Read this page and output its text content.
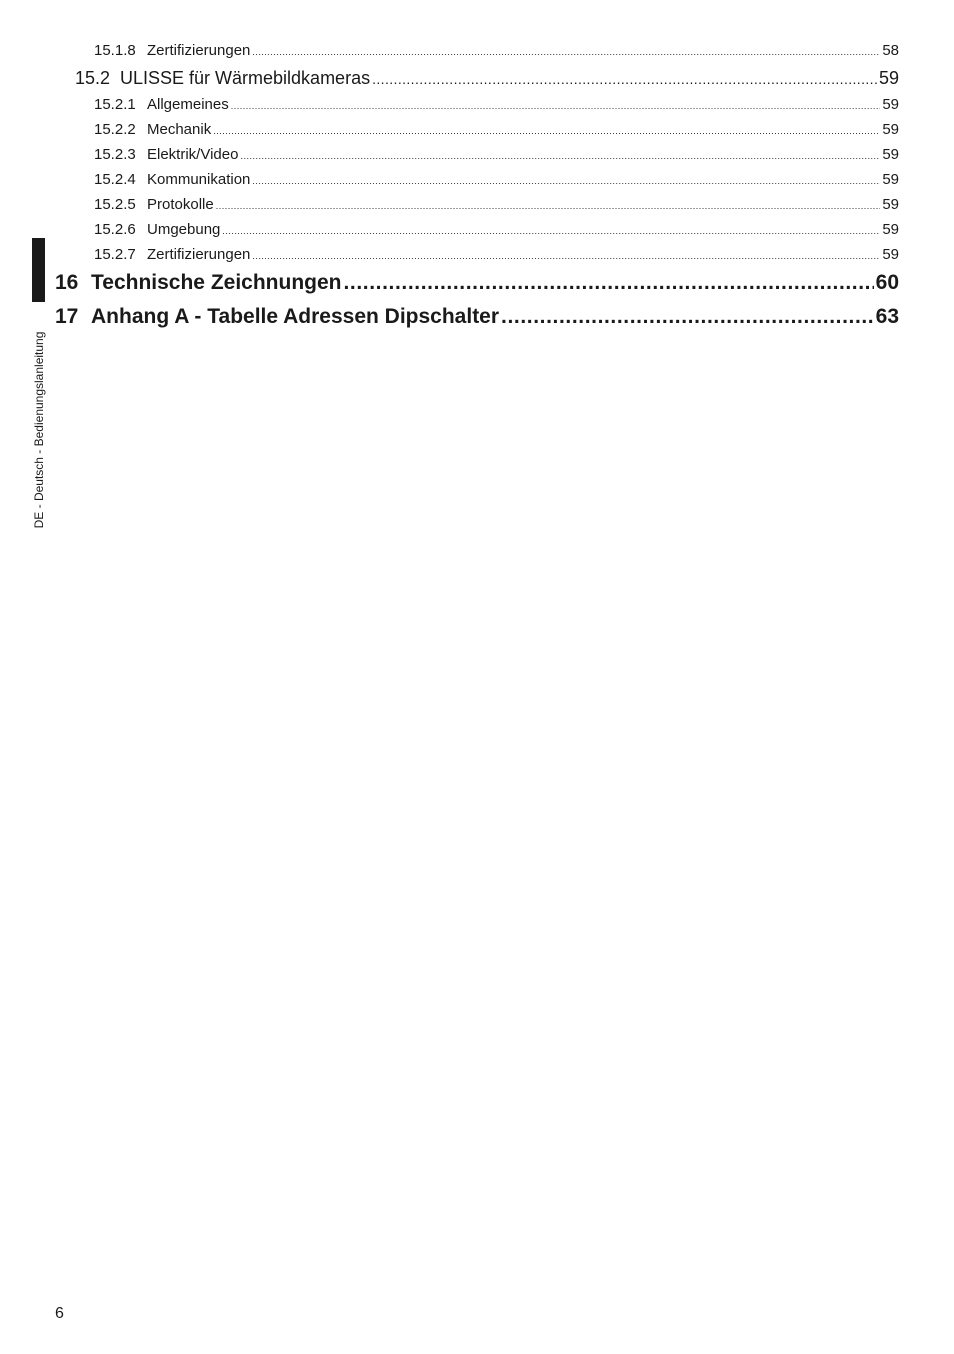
DE - Deutsch - Bedienungslanleitung
15.1.8 Zertifizierungen .....	58
15.2 ULISSE für Wärmebildkameras .....	59
15.2.1 Allgemeines .....	59
15.2.2 Mechanik .....	59
15.2.3 Elektrik/Video .....	59
15.2.4 Kommunikation .....	59
15.2.5 Protokolle .....	59
15.2.6 Umgebung .....	59
15.2.7 Zertifizierungen .....	59
16 Technische Zeichnungen .....	60
17 Anhang A - Tabelle Adressen Dipschalter .....	63
6
